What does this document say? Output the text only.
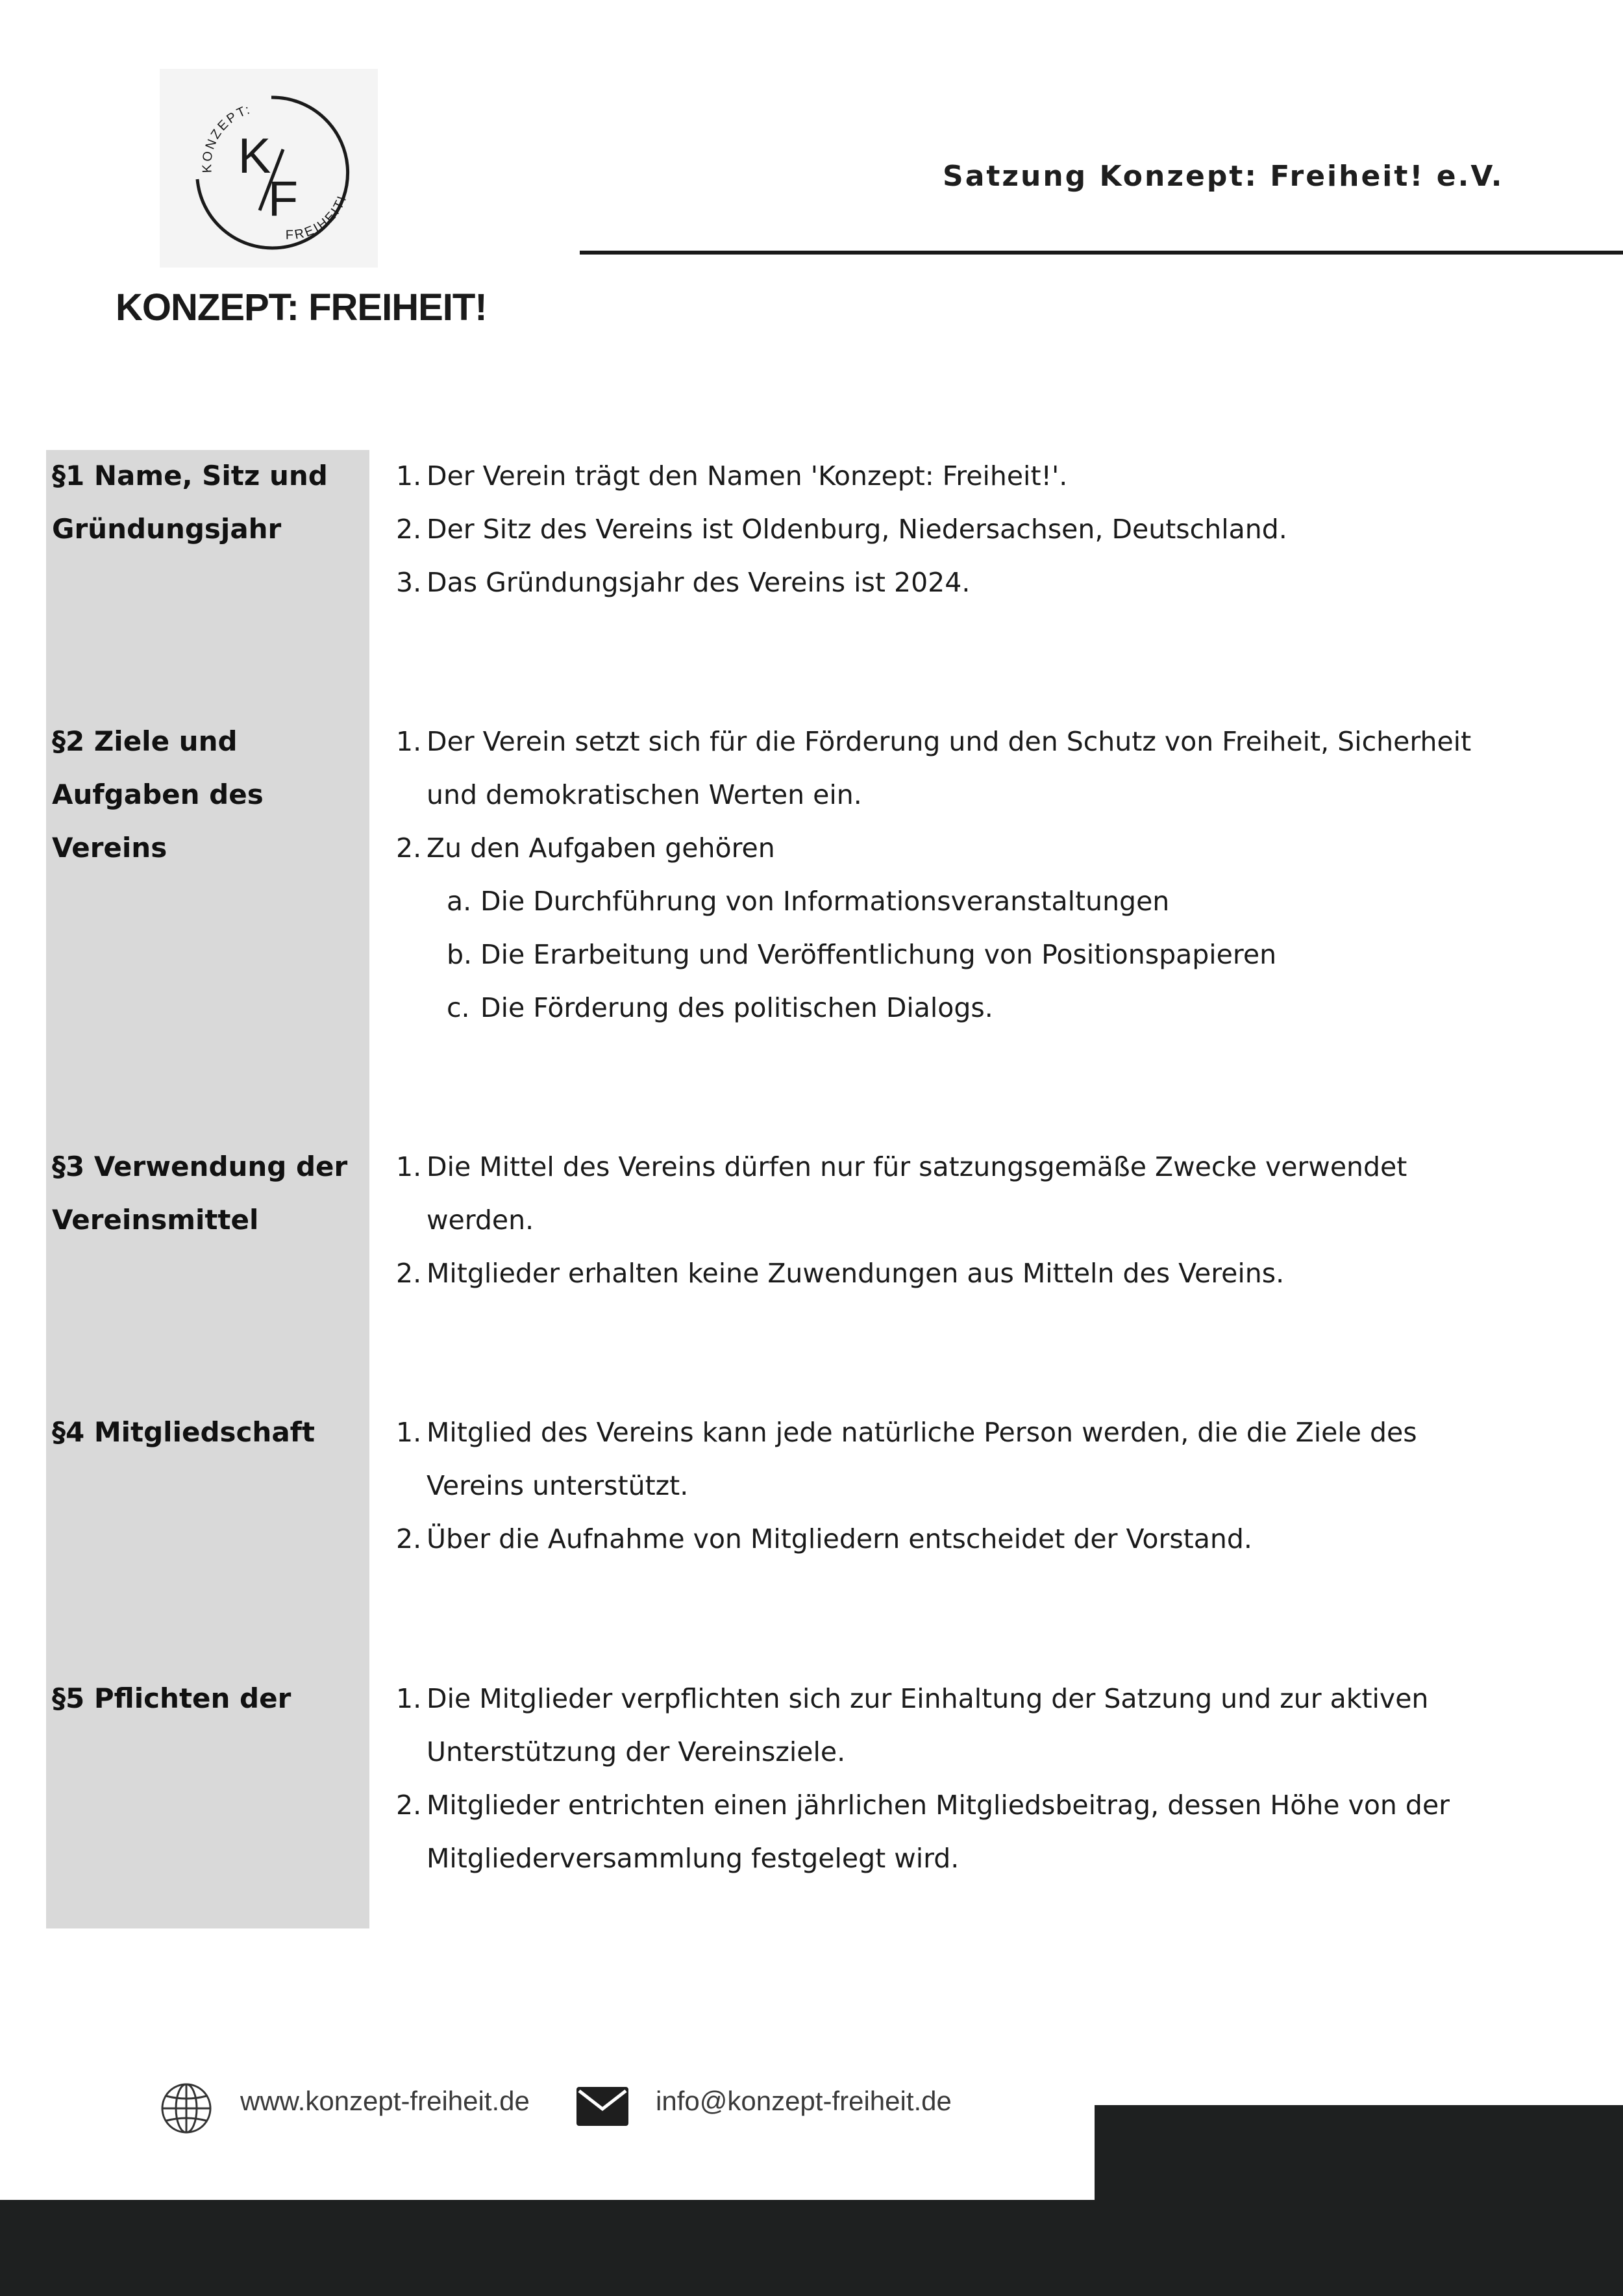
KONZEPT:
FREIHEIT!
K
F
KONZEPT: FREIHEIT!
Satzung Konzept: Freiheit! e.V.
§1 Name, Sitz und Gründungsjahr
1. Der Verein trägt den Namen 'Konzept: Freiheit!'.
2. Der Sitz des Vereins ist Oldenburg, Niedersachsen, Deutschland.
3. Das Gründungsjahr des Vereins ist 2024.
§2 Ziele und Aufgaben des Vereins
1. Der Verein setzt sich für die Förderung und den Schutz von Freiheit, Sicherheit und demokratischen Werten ein.
2. Zu den Aufgaben gehören
a. Die Durchführung von Informationsveranstaltungen
b. Die Erarbeitung und Veröffentlichung von Positionspapieren
c. Die Förderung des politischen Dialogs.
§3 Verwendung der Vereinsmittel
1. Die Mittel des Vereins dürfen nur für satzungsgemäße Zwecke verwendet werden.
2. Mitglieder erhalten keine Zuwendungen aus Mitteln des Vereins.
§4 Mitgliedschaft	1. Mitglied des Vereins kann jede natürliche Person werden, die die Ziele des Vereins unterstützt.
2. Über die Aufnahme von Mitgliedern entscheidet der Vorstand.
§5 Pflichten der	1. Die Mitglieder verpflichten sich zur Einhaltung der Satzung und zur aktiven Unterstützung der Vereinsziele.
2. Mitglieder entrichten einen jährlichen Mitgliedsbeitrag, dessen Höhe von der Mitgliederversammlung festgelegt wird.
www.konzept-freiheit.de	info@konzept-freiheit.de
